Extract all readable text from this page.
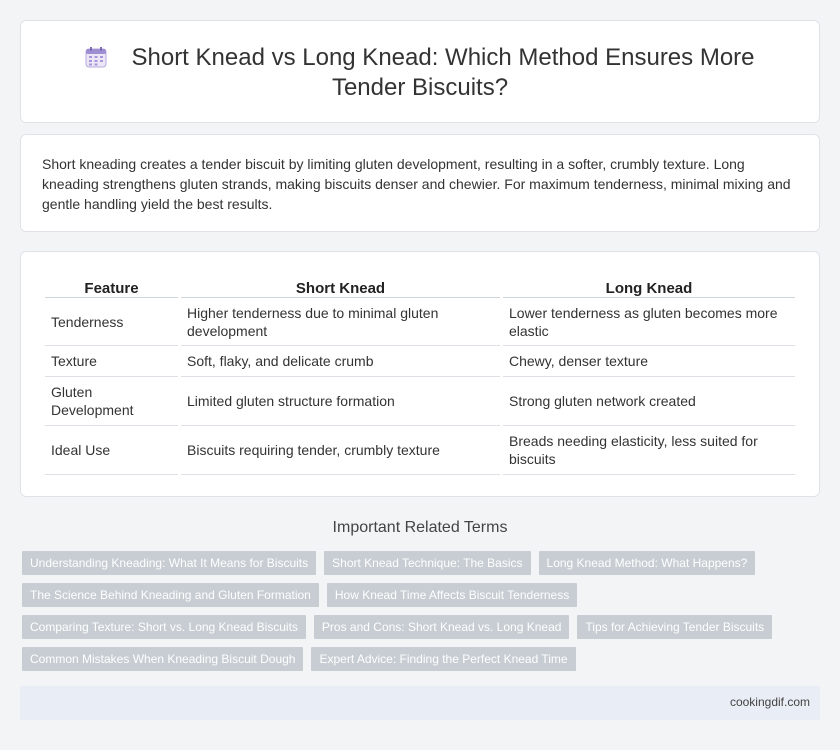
Short Knead vs Long Knead: Which Method Ensures More Tender Biscuits?

Short kneading creates a tender biscuit by limiting gluten development, resulting in a softer, crumbly texture. Long kneading strengthens gluten strands, making biscuits denser and chewier. For maximum tenderness, minimal mixing and gentle handling yield the best results.

Feature	Short Knead	Long Knead
Tenderness	Higher tenderness due to minimal gluten development	Lower tenderness as gluten becomes more elastic
Texture	Soft, flaky, and delicate crumb	Chewy, denser texture
Gluten Development	Limited gluten structure formation	Strong gluten network created
Ideal Use	Biscuits requiring tender, crumbly texture	Breads needing elasticity, less suited for biscuits
Important Related Terms
Understanding Kneading: What It Means for Biscuits	Short Knead Technique: The Basics	Long Knead Method: What Happens?
The Science Behind Kneading and Gluten Formation	How Knead Time Affects Biscuit Tenderness
Comparing Texture: Short vs. Long Knead Biscuits	Pros and Cons: Short Knead vs. Long Knead	Tips for Achieving Tender Biscuits
Common Mistakes When Kneading Biscuit Dough	Expert Advice: Finding the Perfect Knead Time
cookingdif.com
